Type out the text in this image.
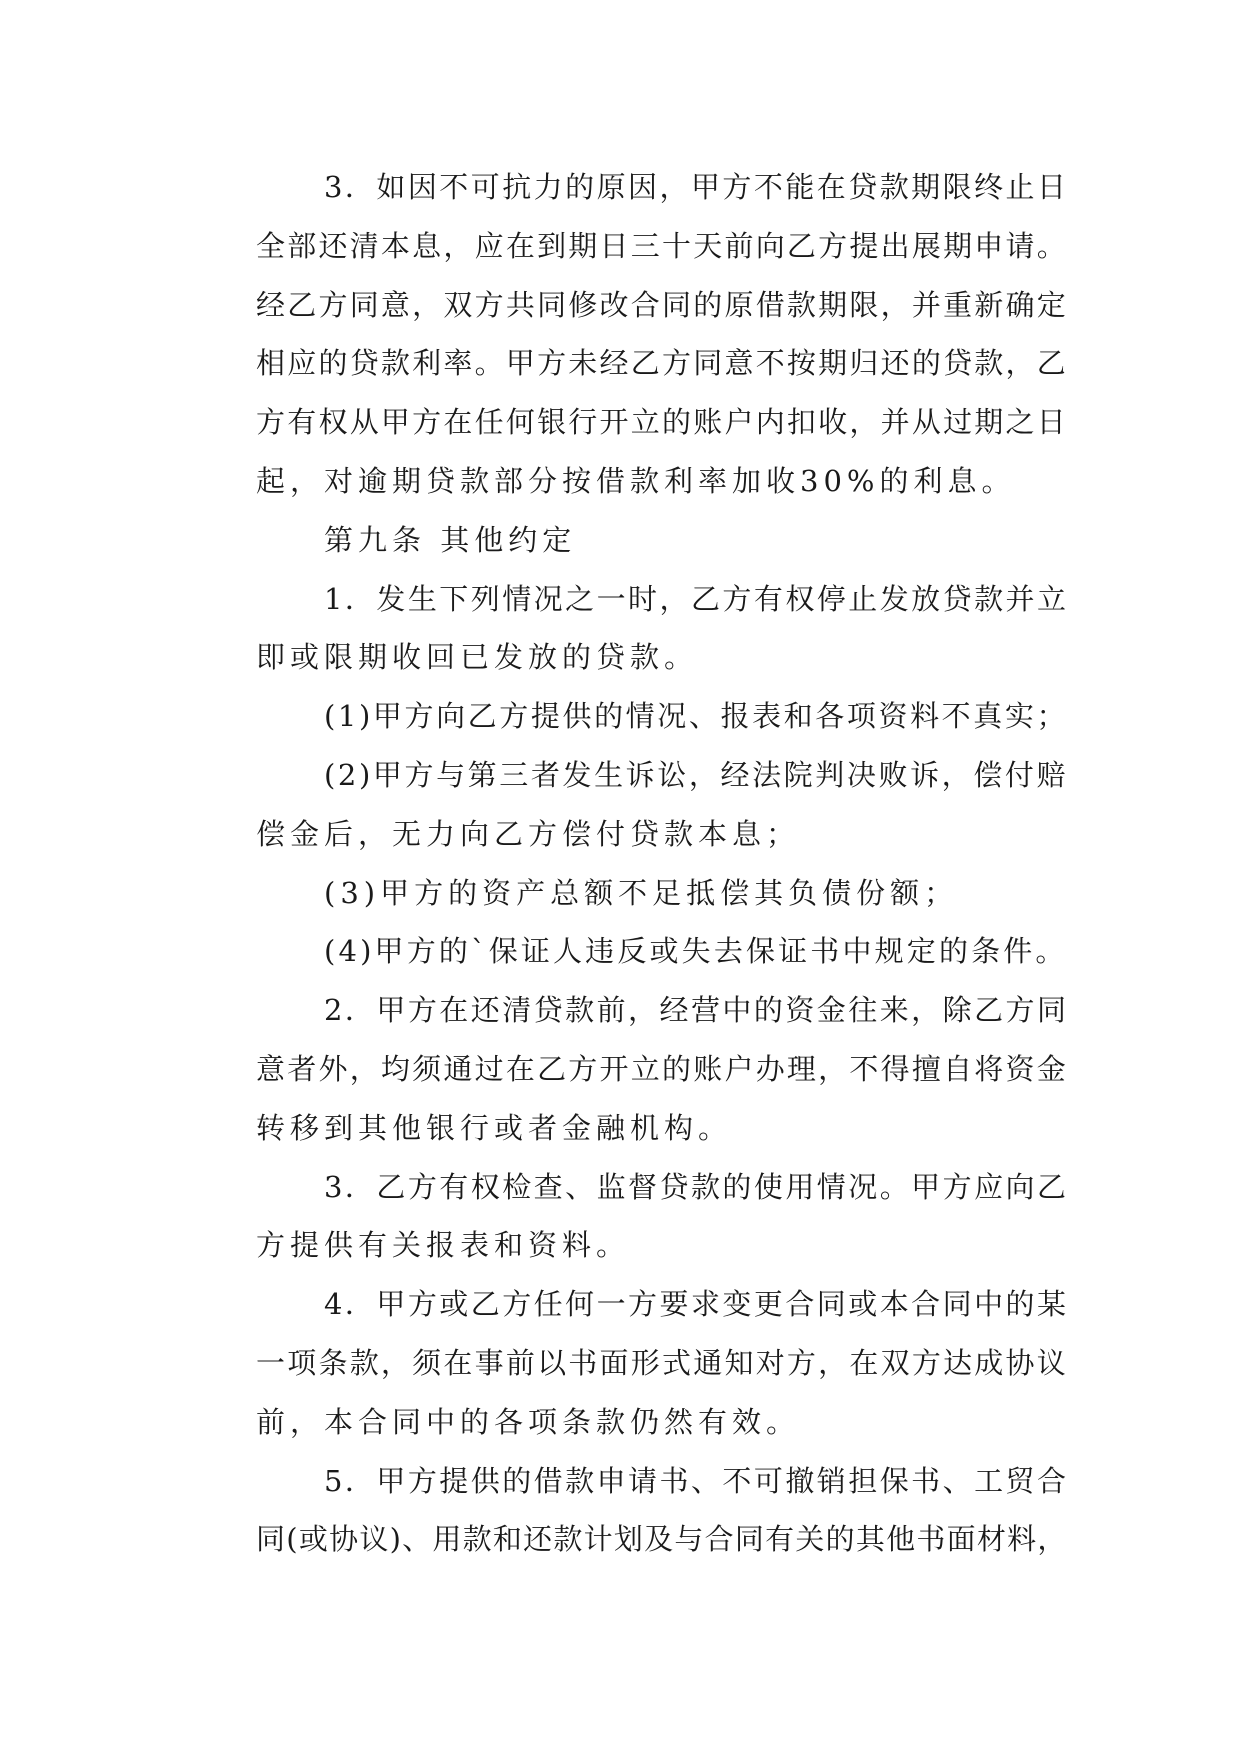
3．如因不可抗力的原因，甲方不能在贷款期限终止日
全部还清本息，应在到期日三十天前向乙方提出展期申请。
经乙方同意，双方共同修改合同的原借款期限，并重新确定
相应的贷款利率。甲方未经乙方同意不按期归还的贷款，乙
方有权从甲方在任何银行开立的账户内扣收，并从过期之日
起，对逾期贷款部分按借款利率加收30%的利息。
第九条 其他约定
1．发生下列情况之一时，乙方有权停止发放贷款并立
即或限期收回已发放的贷款。
(1)甲方向乙方提供的情况、报表和各项资料不真实；
(2)甲方与第三者发生诉讼，经法院判决败诉，偿付赔
偿金后，无力向乙方偿付贷款本息；
(3)甲方的资产总额不足抵偿其负债份额；
(4)甲方的`保证人违反或失去保证书中规定的条件。
2．甲方在还清贷款前，经营中的资金往来，除乙方同
意者外，均须通过在乙方开立的账户办理，不得擅自将资金
转移到其他银行或者金融机构。
3．乙方有权检查、监督贷款的使用情况。甲方应向乙
方提供有关报表和资料。
4．甲方或乙方任何一方要求变更合同或本合同中的某
一项条款，须在事前以书面形式通知对方，在双方达成协议
前，本合同中的各项条款仍然有效。
5．甲方提供的借款申请书、不可撤销担保书、工贸合
同(或协议)、用款和还款计划及与合同有关的其他书面材料，
